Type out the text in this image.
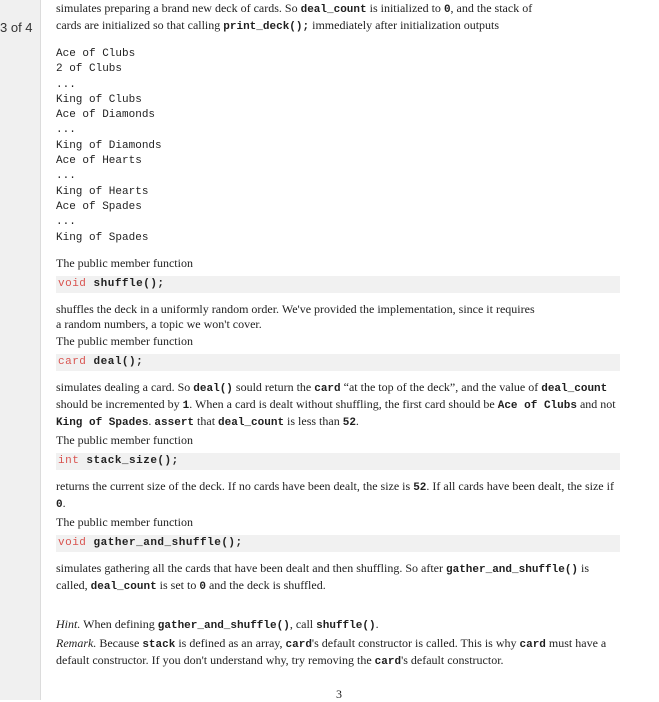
3 of 4

simulates preparing a brand new deck of cards. So deal_count is initialized to 0, and the stack of
cards are initialized so that calling print_deck(); immediately after initialization outputs

Ace of Clubs
2 of Clubs
...
King of Clubs
Ace of Diamonds
...
King of Diamonds
Ace of Hearts
...
King of Hearts
Ace of Spades
...
King of Spades

The public member function

void shuffle();

shuffles the deck in a uniformly random order. We've provided the implementation, since it requires
a random numbers, a topic we won't cover.

The public member function

card deal();

simulates dealing a card. So deal() sould return the card “at the top of the deck”, and the value of deal_count should be incremented by 1. When a card is dealt without shuffling, the first card should be Ace of Clubs and not King of Spades. assert that deal_count is less than 52.

The public member function

int stack_size();

returns the current size of the deck. If no cards have been dealt, the size is 52. If all cards have been dealt, the size if 0.

The public member function

void gather_and_shuffle();

simulates gathering all the cards that have been dealt and then shuffling. So after gather_and_shuffle() is called, deal_count is set to 0 and the deck is shuffled.

Hint. When defining gather_and_shuffle(), call shuffle().

Remark. Because stack is defined as an array, card's default constructor is called. This is why card must have a default constructor. If you don't understand why, try removing the card's default constructor.

3
